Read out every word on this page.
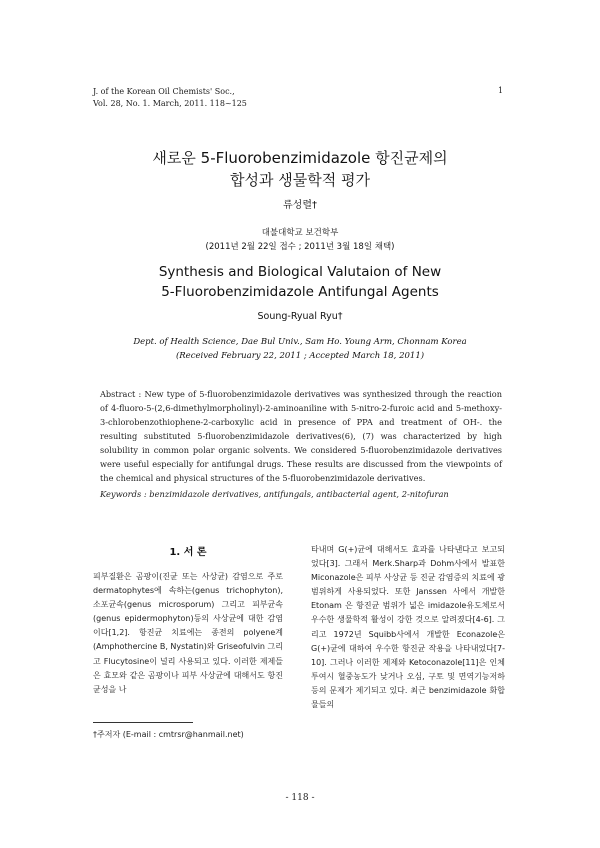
J. of the Korean Oil Chemists' Soc.,
Vol. 28, No. 1. March, 2011. 118~125
1
새로운 5-Fluorobenzimidazole 항진균제의
합성과 생물학적 평가
류성렬†
대불대학교 보건학부
(2011년 2월 22일 접수 ; 2011년 3월 18일 채택)
Synthesis and Biological Valutaion of New
5-Fluorobenzimidazole Antifungal Agents
Soung-Ryual Ryu†
Dept. of Health Science, Dae Bul Univ., Sam Ho. Young Arm, Chonnam Korea
(Received February 22, 2011 ; Accepted March 18, 2011)
Abstract : New type of 5-fluorobenzimidazole derivatives was synthesized through the reaction of 4-fluoro-5-(2,6-dimethylmorpholinyl)-2-aminoaniline with 5-nitro-2-furoic acid and 5-methoxy-3-chlorobenzothiophene-2-carboxylic acid in presence of PPA and treatment of OH-. the resulting substituted 5-fluorobenzimidazole derivatives(6), (7) was characterized by high solubility in common polar organic solvents. We considered 5-fluorobenzimidazole derivatives were useful especially for antifungal drugs. These results are discussed from the viewpoints of the chemical and physical structures of the 5-fluorobenzimidazole derivatives.
Keywords : benzimidazole derivatives, antifungals, antibacterial agent, 2-nitofuran
1. 서 론
피부질환은 곰팡이(진균 또는 사상균) 감염으로 주로 dermatophytes에 속하는(genus trichophyton), 소포균속(genus microsporum) 그리고 피부균속(genus epidermophyton)등의 사상균에 대한 감염이다[1,2]. 항진균 치료에는 종전의 polyene계(Amphothercine B, Nystatin)와 Griseofulvin 그리고 Flucytosine이 널리 사용되고 있다. 이러한 제제들은 효모와 같은 곰팡이나 피부 사상균에 대해서도 항진균성을 나
타내며 G(+)균에 대해서도 효과를 나타낸다고 보고되었다[3]. 그래서 Merk.Sharp과 Dohm사에서 발표한 Miconazole은 피부 사상균 등 진균 감염증의 치료에 광범위하게 사용되었다. 또한 Janssen 사에서 개발한 Etonam 은 항진균 범위가 넓은 imidazole유도체로서 우수한 생물학적 활성이 강한 것으로 알려졌다[4-6]. 그리고 1972년 Squibb사에서 개발한 Econazole은 G(+)균에 대하여 우수한 항진균 작용을 나타내었다[7-10]. 그러나 이러한 제제와 Ketoconazole[11]은 인체투여시 혈중농도가 낮거나 오심, 구토 및 면역기능저하 등의 문제가 제기되고 있다. 최근 benzimidazole 화합물들의
†주저자 (E-mail : cmtrsr@hanmail.net)
- 118 -
